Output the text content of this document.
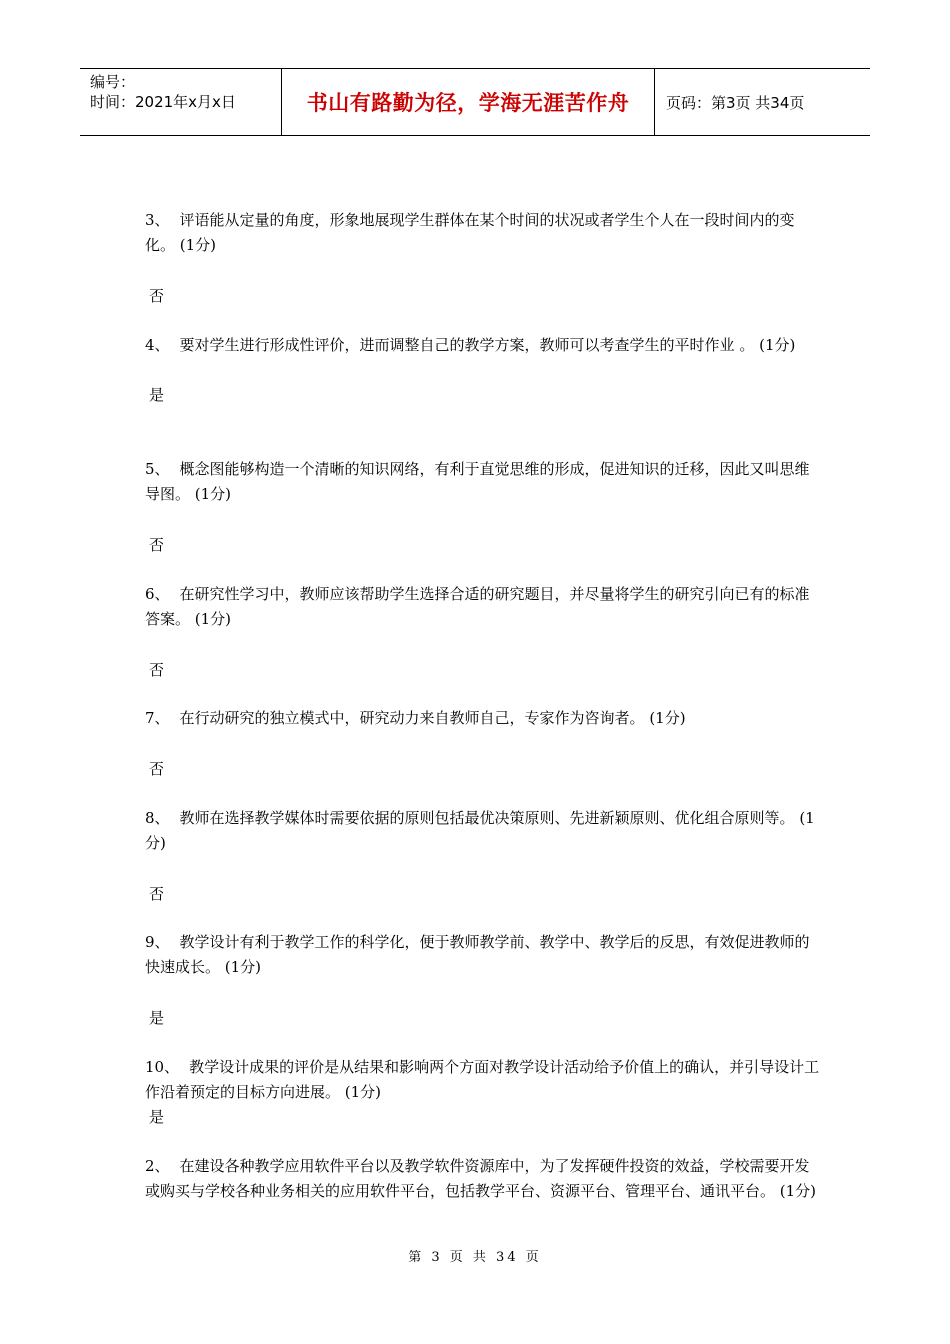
编号：
时间：2021年x月x日	书山有路勤为径，学海无涯苦作舟	页码：第3页 共34页
3、 评语能从定量的角度，形象地展现学生群体在某个时间的状况或者学生个人在一段时间内的变化。 (1分)
否
4、 要对学生进行形成性评价，进而调整自己的教学方案，教师可以考查学生的平时作业 。 (1分)
是
5、 概念图能够构造一个清晰的知识网络，有利于直觉思维的形成，促进知识的迁移，因此又叫思维导图。 (1分)
否
6、 在研究性学习中，教师应该帮助学生选择合适的研究题目，并尽量将学生的研究引向已有的标准答案。 (1分)
否
7、 在行动研究的独立模式中，研究动力来自教师自己，专家作为咨询者。 (1分)
否
8、 教师在选择教学媒体时需要依据的原则包括最优决策原则、先进新颖原则、优化组合原则等。 (1分)
否
9、 教学设计有利于教学工作的科学化，便于教师教学前、教学中、教学后的反思，有效促进教师的快速成长。 (1分)
是
10、 教学设计成果的评价是从结果和影响两个方面对教学设计活动给予价值上的确认，并引导设计工作沿着预定的目标方向进展。 (1分)
是
2、 在建设各种教学应用软件平台以及教学软件资源库中，为了发挥硬件投资的效益，学校需要开发或购买与学校各种业务相关的应用软件平台，包括教学平台、资源平台、管理平台、通讯平台。 (1分)
第 3 页 共 34 页
